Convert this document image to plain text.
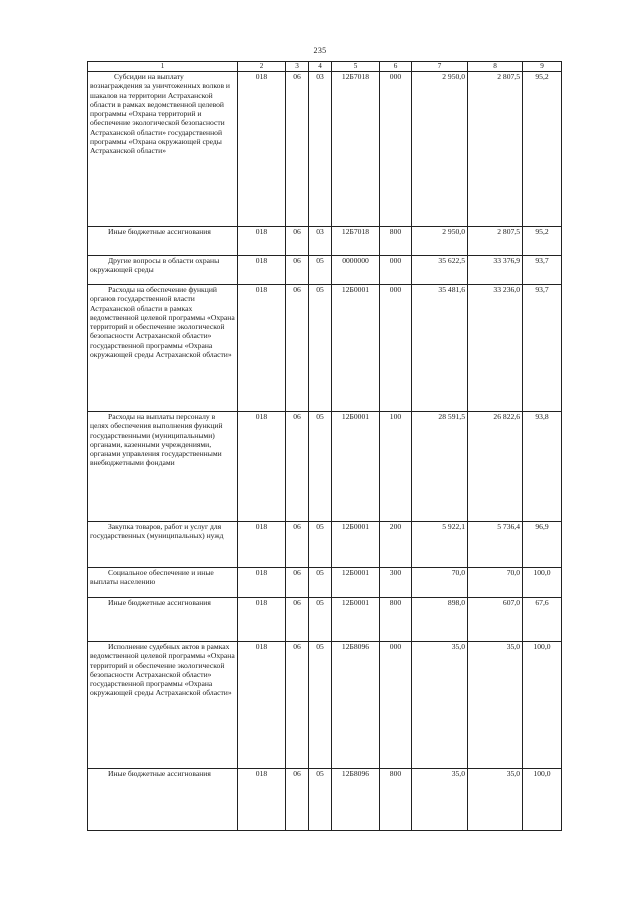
235
1	2	3	4	5	6	7	8	9

Субсидии на выплату вознаграждения за уничтоженных волков и шакалов на территории Астраханской области в рамках ведомственной целевой программы «Охрана территорий и обеспечение экологической безопасности Астраханской области» государственной программы «Охрана окружающей среды Астраханской области»	018	06	03	12Б7018	000	2 950,0	2 807,5	95,2

Иные бюджетные ассигнования	018	06	03	12Б7018	800	2 950,0	2 807,5	95,2

Другие вопросы в области охраны окружающей среды	018	06	05	0000000	000	35 622,5	33 376,9	93,7

Расходы на обеспечение функций органов государственной власти Астраханской области в рамках ведомственной целевой программы «Охрана территорий и обеспечение экологической безопасности Астраханской области» государственной программы «Охрана окружающей среды Астраханской области»	018	06	05	12Б0001	000	35 481,6	33 236,0	93,7

Расходы на выплаты персоналу в целях обеспечения выполнения функций государственными (муниципальными) органами, казенными учреждениями, органами управления государственными внебюджетными фондами	018	06	05	12Б0001	100	28 591,5	26 822,6	93,8

Закупка товаров, работ и услуг для государственных (муниципальных) нужд	018	06	05	12Б0001	200	5 922,1	5 736,4	96,9

Социальное обеспечение и иные выплаты населению	018	06	05	12Б0001	300	70,0	70,0	100,0

Иные бюджетные ассигнования	018	06	05	12Б0001	800	898,0	607,0	67,6

Исполнение судебных актов в рамках ведомственной целевой программы «Охрана территорий и обеспечение экологической безопасности Астраханской области» государственной программы «Охрана окружающей среды Астраханской области»	018	06	05	12Б8096	000	35,0	35,0	100,0

Иные бюджетные ассигнования	018	06	05	12Б8096	800	35,0	35,0	100,0
